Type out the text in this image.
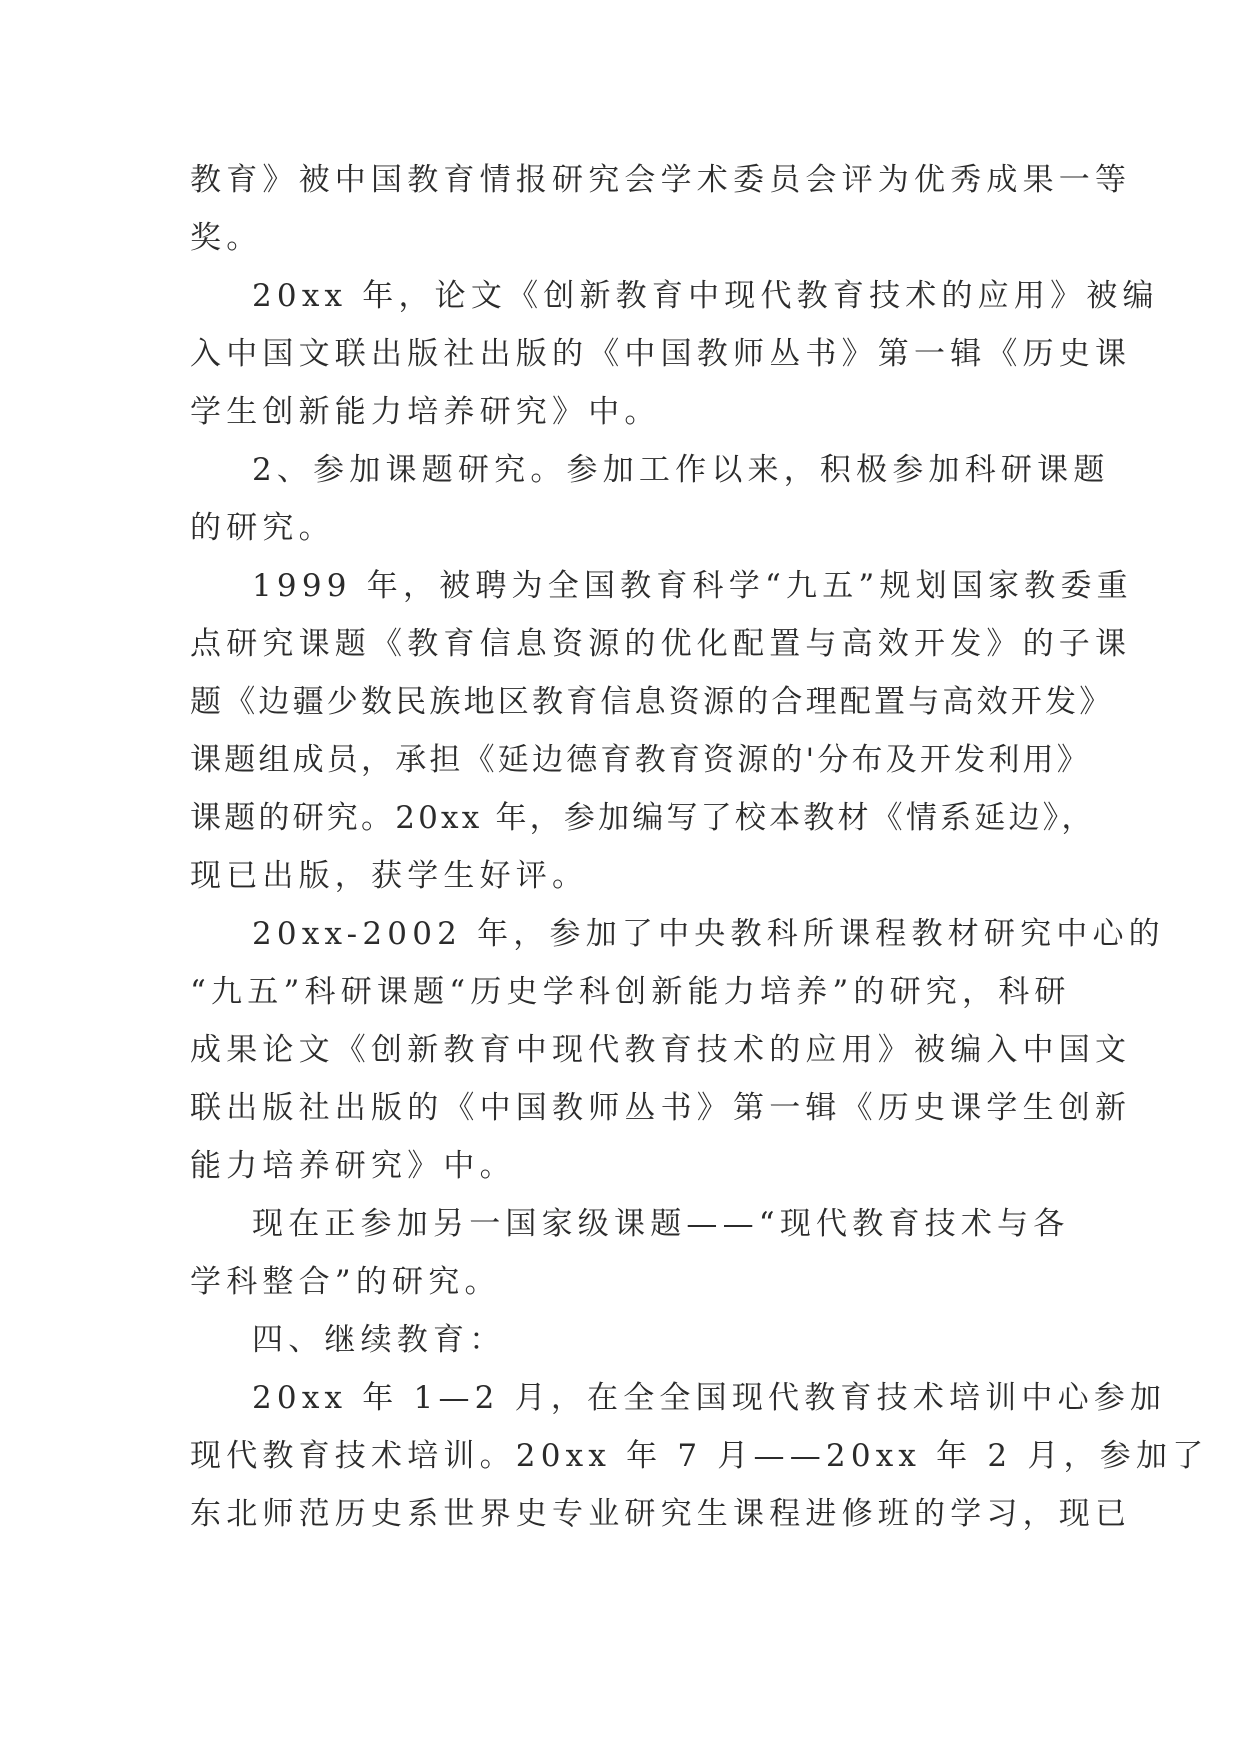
教育》被中国教育情报研究会学术委员会评为优秀成果一等
奖。
20xx 年，论文《创新教育中现代教育技术的应用》被编
入中国文联出版社出版的《中国教师丛书》第一辑《历史课
学生创新能力培养研究》中。
2、参加课题研究。参加工作以来，积极参加科研课题
的研究。
1999 年，被聘为全国教育科学“九五”规划国家教委重
点研究课题《教育信息资源的优化配置与高效开发》的子课
题《边疆少数民族地区教育信息资源的合理配置与高效开发》
课题组成员，承担《延边德育教育资源的'分布及开发利用》
课题的研究。20xx 年，参加编写了校本教材《情系延边》，
现已出版，获学生好评。
20xx-2002 年，参加了中央教科所课程教材研究中心的
“九五”科研课题“历史学科创新能力培养”的研究，科研
成果论文《创新教育中现代教育技术的应用》被编入中国文
联出版社出版的《中国教师丛书》第一辑《历史课学生创新
能力培养研究》中。
现在正参加另一国家级课题——“现代教育技术与各
学科整合”的研究。
四、继续教育：
20xx 年 1—2 月，在全全国现代教育技术培训中心参加
现代教育技术培训。20xx 年 7 月——20xx 年 2 月，参加了
东北师范历史系世界史专业研究生课程进修班的学习，现已
